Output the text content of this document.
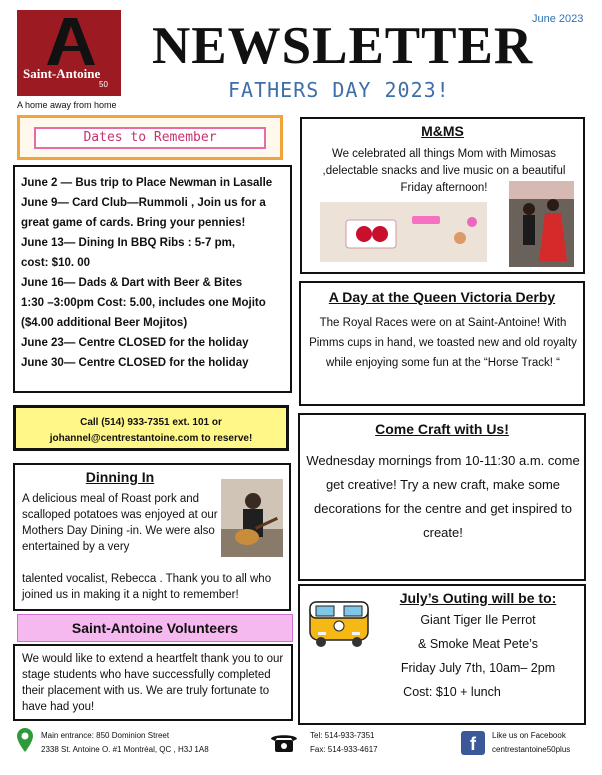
Saint-Antoine
50
A home away from home
June 2023
NEWSLETTER
FATHERS DAY 2023!
Dates to Remember

June 2 — Bus trip to Place Newman in Lasalle

June 9— Card Club—Rummoli , Join us for a great game of cards. Bring your pennies!

June 13— Dining In BBQ Ribs : 5-7 pm,

cost: $10. 00

June 16— Dads & Dart with Beer & Bites

1:30 –3:00pm Cost: 5.00, includes one Mojito ($4.00 additional Beer Mojitos)

June 23— Centre CLOSED for the holiday

June 30— Centre CLOSED for the holiday

Call (514) 933-7351 ext. 101 or
johannel@centrestantoine.com to reserve!
Dinning In

A delicious meal of Roast pork and scalloped potatoes was enjoyed at our Mothers Day Dining -in. We were also entertained by a very

talented vocalist, Rebecca . Thank you to all who joined us in making it a night to remember!

Saint-Antoine Volunteers

We would like to extend a heartfelt thank you to our stage students who have successfully completed their placement with us. We are truly fortunate to have had you!

M&MS

We celebrated all things Mom with Mimosas ,delectable snacks and live music on a beautiful Friday afternoon!

A Day at the Queen Victoria Derby

The Royal Races were on at Saint-Antoine! With Pimms cups in hand, we toasted new and old royalty while enjoying some fun at the “Horse Track! “

Come Craft with Us!

Wednesday mornings from 10-11:30 a.m. come get creative! Try a new craft, make some decorations for the centre and get inspired to create!

July’s Outing will be to:
Giant Tiger Ile Perrot
& Smoke Meat Pete’s
Friday July 7th, 10am– 2pm
Cost: $10 + lunch
Main entrance: 850 Dominion Street
2338 St. Antoine O. #1 Montréal, QC , H3J 1A8
Tel: 514-933-7351
Fax: 514-933-4617	f	Like us on Facebook
centrestantoine50plus
